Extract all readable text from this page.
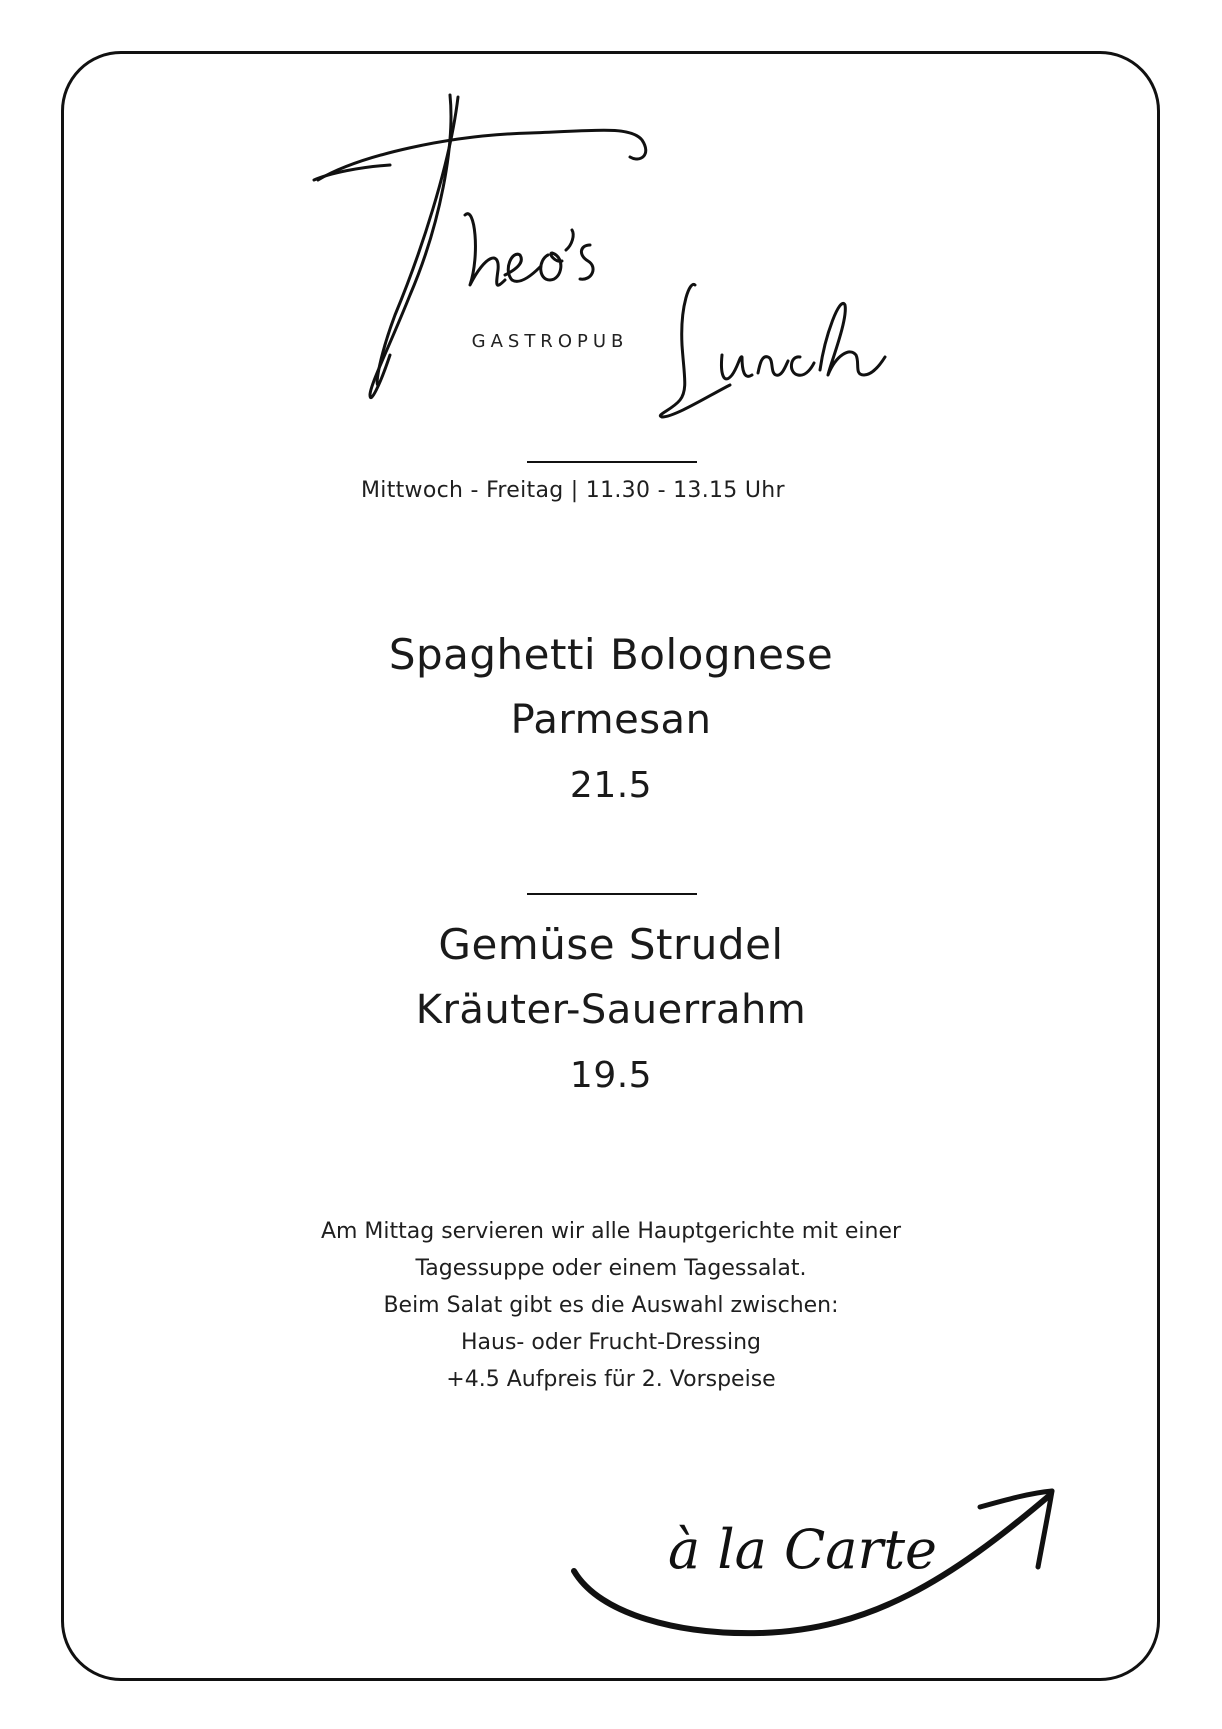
GASTROPUB
Mittwoch - Freitag | 11.30 - 13.15 Uhr
Spaghetti Bolognese
Parmesan
21.5
Gemüse Strudel
Kräuter-Sauerrahm
19.5
Am Mittag servieren wir alle Hauptgerichte mit einer
Tagessuppe oder einem Tagessalat.
Beim Salat gibt es die Auswahl zwischen:
Haus- oder Frucht-Dressing
+4.5 Aufpreis für 2. Vorspeise
à la Carte
